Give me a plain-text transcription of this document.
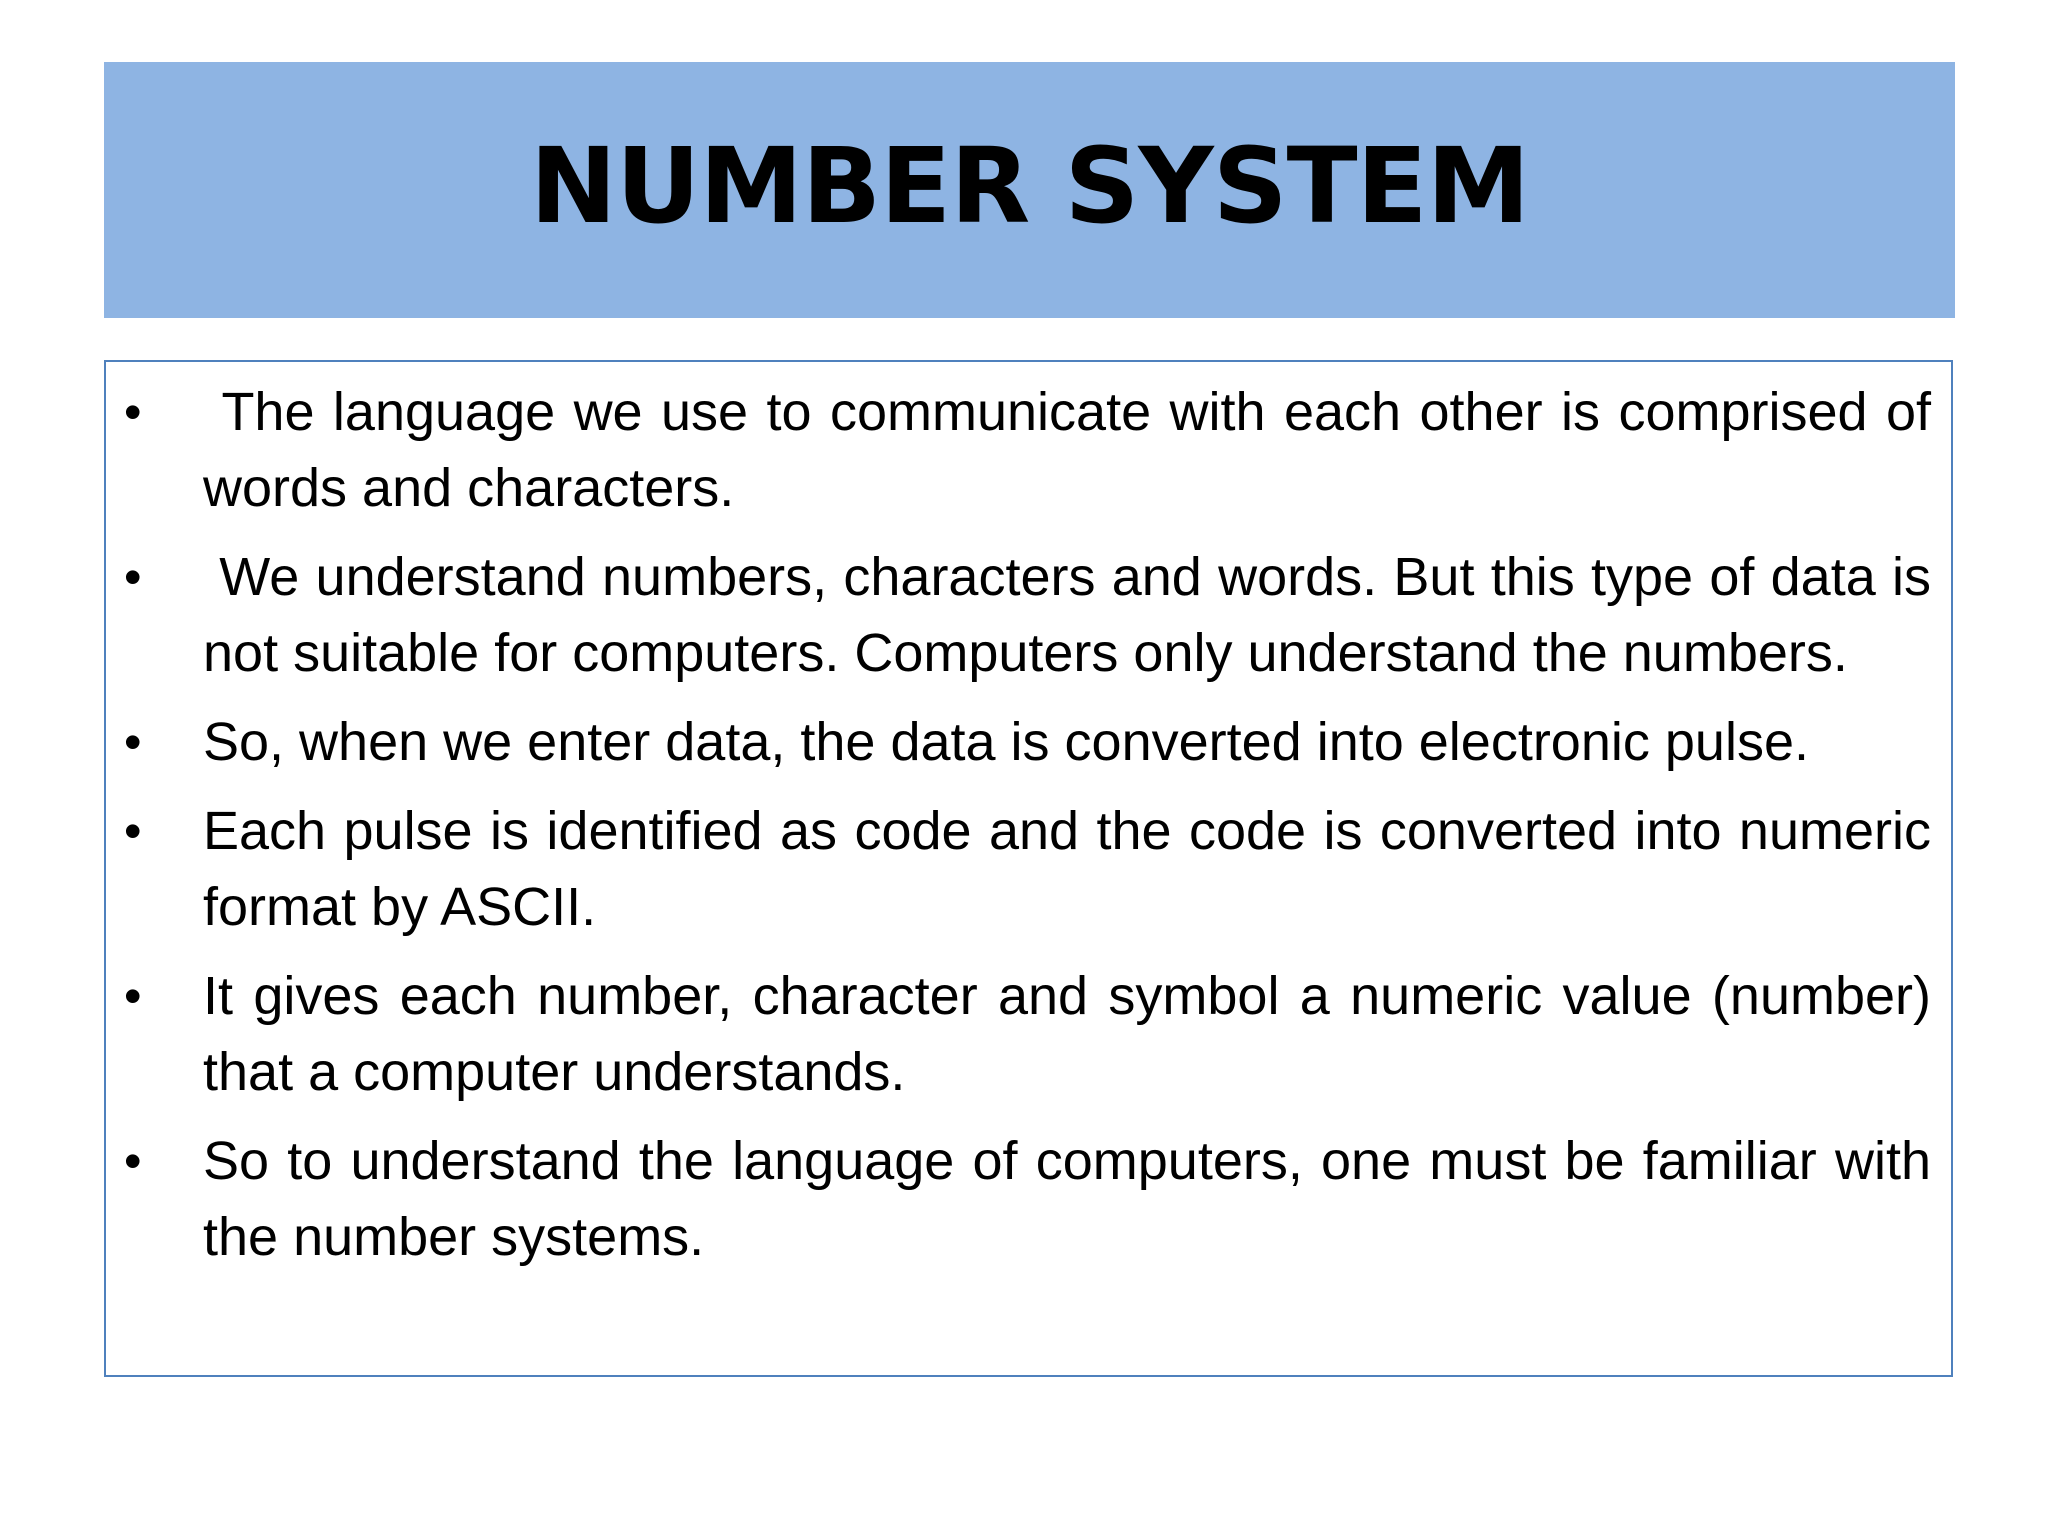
NUMBER SYSTEM
• The language we use to communicate with each other is comprised of words and characters.
• We understand numbers, characters and words. But this type of data is not suitable for computers. Computers only understand the numbers.
• So, when we enter data, the data is converted into electronic pulse.
• Each pulse is identified as code and the code is converted into numeric format by ASCII.
• It gives each number, character and symbol a numeric value (number) that a computer understands.
• So to understand the language of computers, one must be familiar with the number systems.
